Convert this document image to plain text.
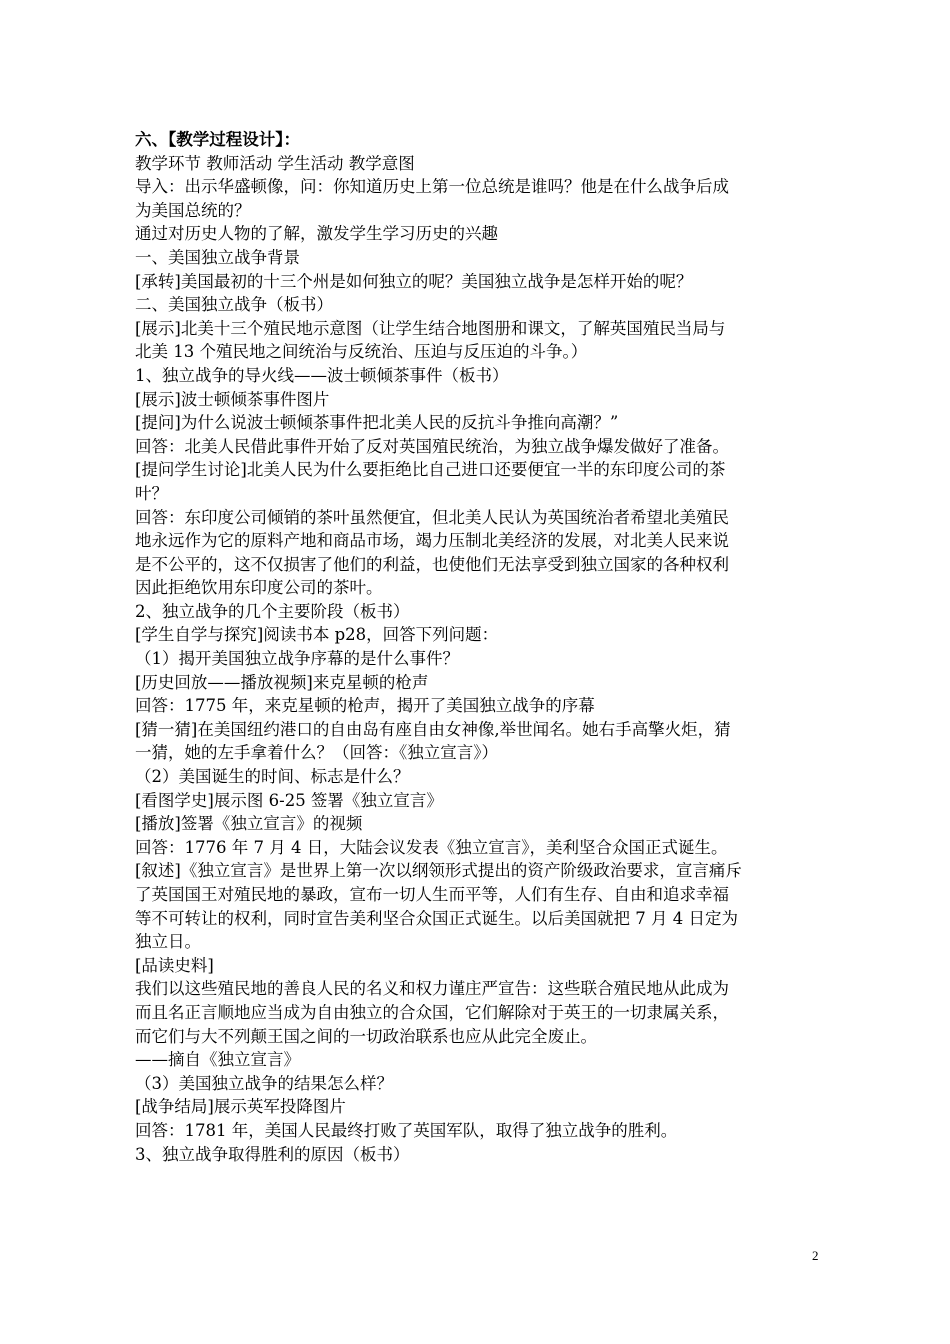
六、【教学过程设计】：
教学环节 教师活动 学生活动 教学意图
导入：出示华盛顿像，问：你知道历史上第一位总统是谁吗？他是在什么战争后成
为美国总统的？
通过对历史人物的了解，激发学生学习历史的兴趣
一、美国独立战争背景
[承转]美国最初的十三个州是如何独立的呢？美国独立战争是怎样开始的呢？
二、美国独立战争（板书）
[展示]北美十三个殖民地示意图（让学生结合地图册和课文，了解英国殖民当局与
北美 13 个殖民地之间统治与反统治、压迫与反压迫的斗争。）
1、独立战争的导火线——波士顿倾茶事件（板书）
[展示]波士顿倾茶事件图片
[提问]为什么说波士顿倾茶事件把北美人民的反抗斗争推向高潮？”
回答：北美人民借此事件开始了反对英国殖民统治，为独立战争爆发做好了准备。
[提问学生讨论]北美人民为什么要拒绝比自己进口还要便宜一半的东印度公司的茶
叶？
回答：东印度公司倾销的茶叶虽然便宜，但北美人民认为英国统治者希望北美殖民
地永远作为它的原料产地和商品市场，竭力压制北美经济的发展，对北美人民来说
是不公平的，这不仅损害了他们的利益，也使他们无法享受到独立国家的各种权利
因此拒绝饮用东印度公司的茶叶。
2、独立战争的几个主要阶段（板书）
[学生自学与探究]阅读书本 p28，回答下列问题：
（1）揭开美国独立战争序幕的是什么事件？
[历史回放——播放视频]来克星顿的枪声
回答：1775 年，来克星顿的枪声，揭开了美国独立战争的序幕
[猜一猜]在美国纽约港口的自由岛有座自由女神像,举世闻名。她右手高擎火炬，猜
一猜，她的左手拿着什么？（回答：《独立宣言》）
（2）美国诞生的时间、标志是什么？
[看图学史]展示图 6-25 签署《独立宣言》
[播放]签署《独立宣言》的视频
回答：1776 年 7 月 4 日，大陆会议发表《独立宣言》，美利坚合众国正式诞生。
[叙述]《独立宣言》是世界上第一次以纲领形式提出的资产阶级政治要求，宣言痛斥
了英国国王对殖民地的暴政，宣布一切人生而平等，人们有生存、自由和追求幸福
等不可转让的权利，同时宣告美利坚合众国正式诞生。以后美国就把 7 月 4 日定为
独立日。
[品读史料]
我们以这些殖民地的善良人民的名义和权力谨庄严宣告：这些联合殖民地从此成为
而且名正言顺地应当成为自由独立的合众国，它们解除对于英王的一切隶属关系，
而它们与大不列颠王国之间的一切政治联系也应从此完全废止。
——摘自《独立宣言》
（3）美国独立战争的结果怎么样？
[战争结局]展示英军投降图片
回答：1781 年，美国人民最终打败了英国军队，取得了独立战争的胜利。
3、独立战争取得胜利的原因（板书）
2
